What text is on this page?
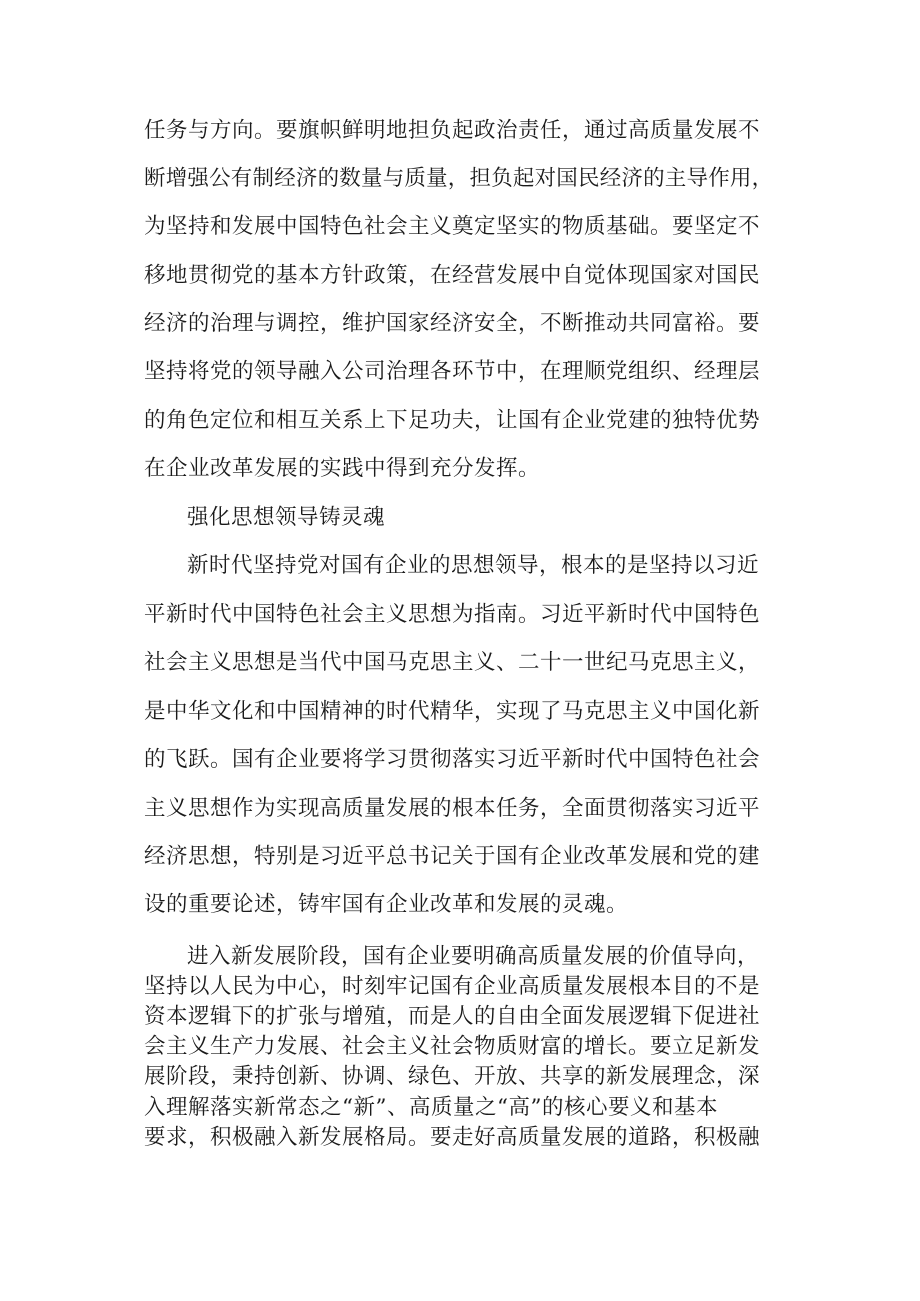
任务与方向。要旗帜鲜明地担负起政治责任，通过高质量发展不
断增强公有制经济的数量与质量，担负起对国民经济的主导作用，
为坚持和发展中国特色社会主义奠定坚实的物质基础。要坚定不
移地贯彻党的基本方针政策，在经营发展中自觉体现国家对国民
经济的治理与调控，维护国家经济安全，不断推动共同富裕。要
坚持将党的领导融入公司治理各环节中，在理顺党组织、经理层
的角色定位和相互关系上下足功夫，让国有企业党建的独特优势
在企业改革发展的实践中得到充分发挥。
强化思想领导铸灵魂
新时代坚持党对国有企业的思想领导，根本的是坚持以习近
平新时代中国特色社会主义思想为指南。习近平新时代中国特色
社会主义思想是当代中国马克思主义、二十一世纪马克思主义，
是中华文化和中国精神的时代精华，实现了马克思主义中国化新
的飞跃。国有企业要将学习贯彻落实习近平新时代中国特色社会
主义思想作为实现高质量发展的根本任务，全面贯彻落实习近平
经济思想，特别是习近平总书记关于国有企业改革发展和党的建
设的重要论述，铸牢国有企业改革和发展的灵魂。
进入新发展阶段，国有企业要明确高质量发展的价值导向，
坚持以人民为中心，时刻牢记国有企业高质量发展根本目的不是
资本逻辑下的扩张与增殖，而是人的自由全面发展逻辑下促进社
会主义生产力发展、社会主义社会物质财富的增长。要立足新发
展阶段，秉持创新、协调、绿色、开放、共享的新发展理念，深
入理解落实新常态之“新”、高质量之“高”的核心要义和基本
要求，积极融入新发展格局。要走好高质量发展的道路，积极融
